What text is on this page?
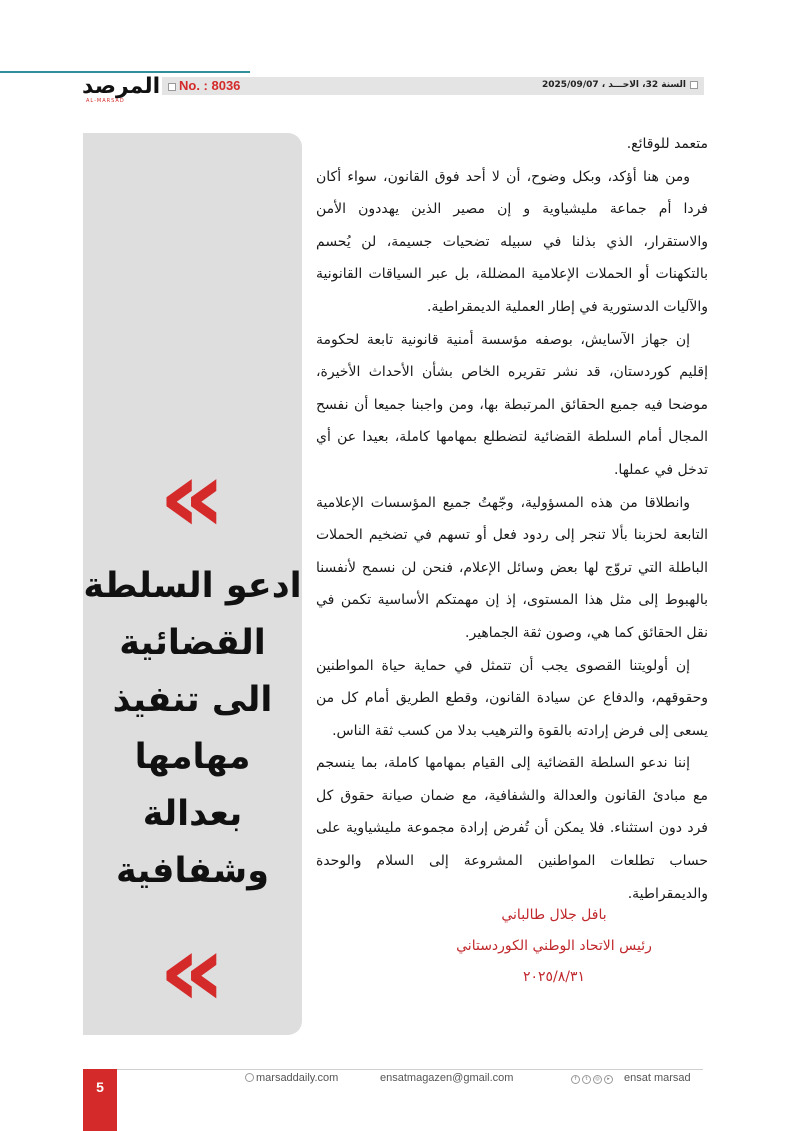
المرصد
AL-MARSAD
No. : 8036	السنة 32، الاحـــد ، 2025/09/07
«
ادعو السلطة
القضائية
الى تنفيذ
مهامها
بعدالة
وشفافية
«

متعمد للوقائع.

ومن هنا أؤكد، وبكل وضوح، أن لا أحد فوق القانون، سواء أكان فردا أم جماعة مليشياوية و إن مصير الذين يهددون الأمن والاستقرار، الذي بذلنا في سبيله تضحيات جسيمة، لن يُحسم بالتكهنات أو الحملات الإعلامية المضللة، بل عبر السياقات القانونية والآليات الدستورية في إطار العملية الديمقراطية.

إن جهاز الآسايش، بوصفه مؤسسة أمنية قانونية تابعة لحكومة إقليم كوردستان، قد نشر تقريره الخاص بشأن الأحداث الأخيرة، موضحا فيه جميع الحقائق المرتبطة بها، ومن واجبنا جميعا أن نفسح المجال أمام السلطة القضائية لتضطلع بمهامها كاملة، بعيدا عن أي تدخل في عملها.

وانطلاقا من هذه المسؤولية، وجّهتُ جميع المؤسسات الإعلامية التابعة لحزبنا بألا تنجر إلى ردود فعل أو تسهم في تضخيم الحملات الباطلة التي تروّج لها بعض وسائل الإعلام، فنحن لن نسمح لأنفسنا بالهبوط إلى مثل هذا المستوى، إذ إن مهمتكم الأساسية تكمن في نقل الحقائق كما هي، وصون ثقة الجماهير.

إن أولويتنا القصوى يجب أن تتمثل في حماية حياة المواطنين وحقوقهم، والدفاع عن سيادة القانون، وقطع الطريق أمام كل من يسعى إلى فرض إرادته بالقوة والترهيب بدلا من كسب ثقة الناس.

إننا ندعو السلطة القضائية إلى القيام بمهامها كاملة، بما ينسجم مع مبادئ القانون والعدالة والشفافية، مع ضمان صيانة حقوق كل فرد دون استثناء. فلا يمكن أن تُفرض إرادة مجموعة مليشياوية على حساب تطلعات المواطنين المشروعة إلى السلام والوحدة والديمقراطية.

بافل جلال طالباني
رئيس الاتحاد الوطني الكوردستاني
٢٠٢٥/٨/٣١
5
marsaddaily.com	ensatmagazen@gmail.com	f	t	◎	▸ ensat marsad
